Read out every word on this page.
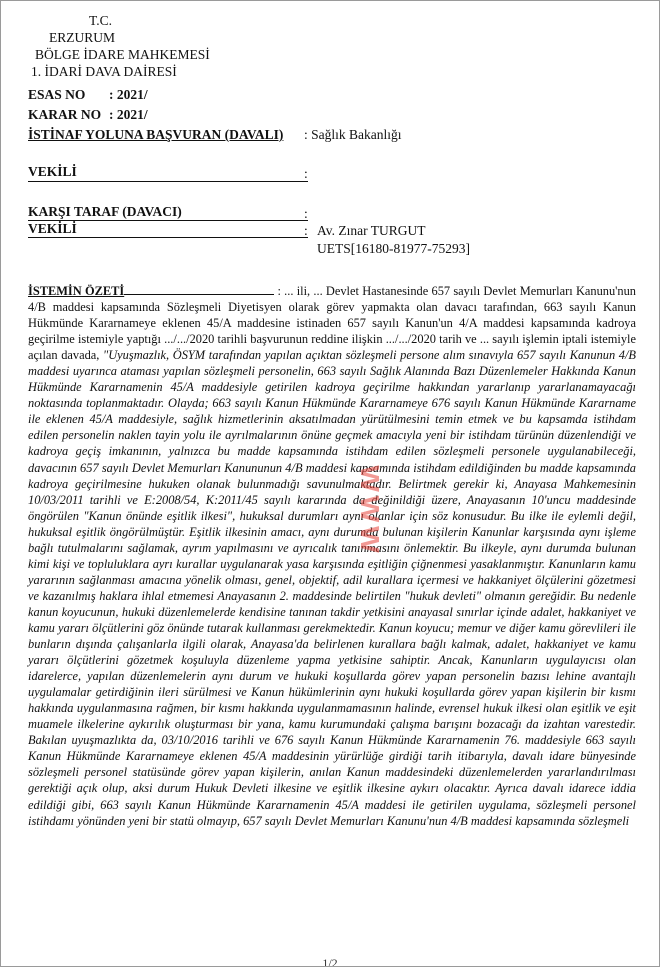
T.C.
ERZURUM
BÖLGE İDARE MAHKEMESİ
1. İDARİ DAVA DAİRESİ
ESAS NO : 2021/
KARAR NO : 2021/
İSTİNAF YOLUNA BAŞVURAN (DAVALI) : Sağlık Bakanlığı
VEKİLİ	:
KARŞI TARAF (DAVACI)	:
VEKİLİ	: Av. Zınar TURGUT
UETS[16180-81977-75293]
İSTEMİN ÖZETİ	: ... ili, ... Devlet Hastanesinde 657 sayılı Devlet Memurları Kanunu'nun 4/B maddesi kapsamında Sözleşmeli Diyetisyen olarak görev yapmakta olan davacı tarafından, 663 sayılı Kanun Hükmünde Kararnameye eklenen 45/A maddesine istinaden 657 sayılı Kanun'un 4/A maddesi kapsamında kadroya geçirilme istemiyle yaptığı .../.../2020 tarihli başvurunun reddine ilişkin .../.../2020 tarih ve ... sayılı işlemin iptali istemiyle açılan davada, "Uyuşmazlık, ÖSYM tarafından yapılan açıktan sözleşmeli persone alım sınavıyla 657 sayılı Kanunun 4/B maddesi uyarınca ataması yapılan sözleşmeli personelin, 663 sayılı Sağlık Alanında Bazı Düzenlemeler Hakkında Kanun Hükmünde Kararnamenin 45/A maddesiyle getirilen kadroya geçirilme hakkından yararlanıp yararlanamayacağı noktasında toplanmaktadır. Olayda; 663 sayılı Kanun Hükmünde Kararnameye 676 sayılı Kanun Hükmünde Kararname ile eklenen 45/A maddesiyle, sağlık hizmetlerinin aksatılmadan yürütülmesini temin etmek ve bu kapsamda istihdam edilen personelin naklen tayin yolu ile ayrılmalarının önüne geçmek amacıyla yeni bir istihdam türünün düzenlendiği ve kadroya geçiş imkanının, yalnızca bu madde kapsamında istihdam edilen sözleşmeli personele uygulanabileceği, davacının 657 sayılı Devlet Memurları Kanununun 4/B maddesi kapsamında istihdam edildiğinden bu madde kapsamında kadroya geçirilmesine hukuken olanak bulunmadığı savunulmaktadır. Belirtmek gerekir ki, Anayasa Mahkemesinin 10/03/2011 tarihli ve E:2008/54, K:2011/45 sayılı kararında da değinildiği üzere, Anayasanın 10'uncu maddesinde öngörülen "Kanun önünde eşitlik ilkesi", hukuksal durumları aynı olanlar için söz konusudur. Bu ilke ile eylemli değil, hukuksal eşitlik öngörülmüştür. Eşitlik ilkesinin amacı, aynı durumda bulunan kişilerin Kanunlar karşısında aynı işleme bağlı tutulmalarını sağlamak, ayrım yapılmasını ve ayrıcalık tanınmasını önlemektir. Bu ilkeyle, aynı durumda bulunan kimi kişi ve topluluklara ayrı kurallar uygulanarak yasa karşısında eşitliğin çiğnenmesi yasaklanmıştır. Kanunların kamu yararının sağlanması amacına yönelik olması, genel, objektif, adil kurallara içermesi ve hakkaniyet ölçülerini gözetmesi ve kazanılmış haklara ihlal etmemesi Anayasanın 2. maddesinde belirtilen "hukuk devleti" olmanın gereğidir. Bu nedenle kanun koyucunun, hukuki düzenlemelerde kendisine tanınan takdir yetkisini anayasal sınırlar içinde adalet, hakkaniyet ve kamu yararı ölçütlerini göz önünde tutarak kullanması gerekmektedir. Kanun koyucu; memur ve diğer kamu görevlileri ile bunların dışında çalışanlarla ilgili olarak, Anayasa'da belirlenen kurallara bağlı kalmak, adalet, hakkaniyet ve kamu yararı ölçütlerini gözetmek koşuluyla düzenleme yapma yetkisine sahiptir. Ancak, Kanunların uygulayıcısı olan idarelerce, yapılan düzenlemelerin aynı durum ve hukuki koşullarda görev yapan personelin bazısı lehine avantajlı uygulamalar getirdiğinin ileri sürülmesi ve Kanun hükümlerinin aynı hukuki koşullarda görev yapan kişilerin bir kısmı hakkında uygulanmasına rağmen, bir kısmı hakkında uygulanmamasının halinde, evrensel hukuk ilkesi olan eşitlik ve eşit muamele ilkelerine aykırılık oluşturması bir yana, kamu kurumundaki çalışma barışını bozacağı da izahtan varestedir. Bakılan uyuşmazlıkta da, 03/10/2016 tarihli ve 676 sayılı Kanun Hükmünde Kararnamenin 76. maddesiyle 663 sayılı Kanun Hükmünde Kararnameye eklenen 45/A maddesinin yürürlüğe girdiği tarih itibarıyla, davalı idare bünyesinde sözleşmeli personel statüsünde görev yapan kişilerin, anılan Kanun maddesindeki düzenlemelerden yararlandırılması gerektiği açık olup, aksi durum Hukuk Devleti ilkesine ve eşitlik ilkesine aykırı olacaktır. Ayrıca davalı idarece iddia edildiği gibi, 663 sayılı Kanun Hükmünde Kararnamenin 45/A maddesi ile getirilen uygulama, sözleşmeli personel istihdamı yönünden yeni bir statü olmayıp, 657 sayılı Devlet Memurları Kanunu'nun 4/B maddesi kapsamında sözleşmeli
1/2
www
